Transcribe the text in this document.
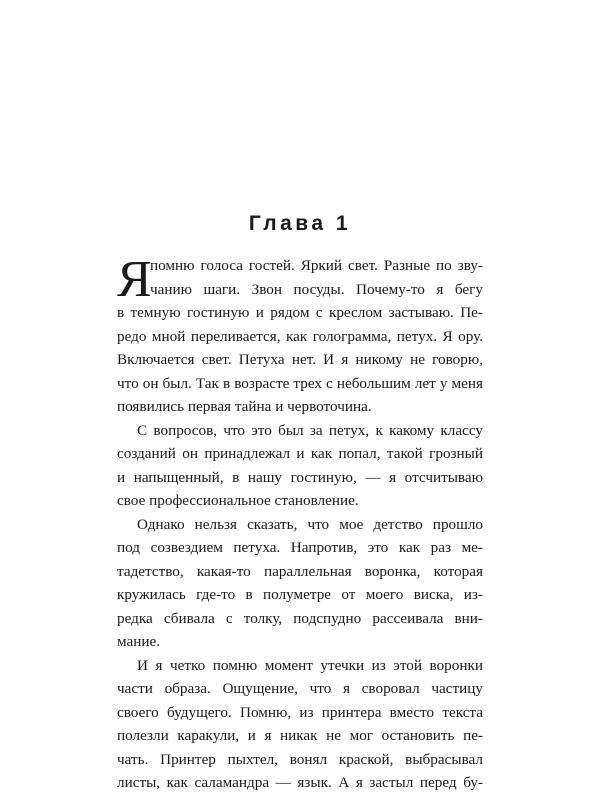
Глава 1
Я
помню голоса гостей. Яркий свет. Разные по зву-
чанию шаги. Звон посуды. Почему-то я бегу
в темную гостиную и рядом с креслом застываю. Пе-
редо мной переливается, как голограмма, петух. Я ору.
Включается свет. Петуха нет. И я никому не говорю,
что он был. Так в возрасте трех с небольшим лет у меня
появились первая тайна и червоточина.
С вопросов, что это был за петух, к какому классу
созданий он принадлежал и как попал, такой грозный
и напыщенный, в нашу гостиную, — я отсчитываю
свое профессиональное становление.
Однако нельзя сказать, что мое детство прошло
под созвездием петуха. Напротив, это как раз ме-
тадетство, какая-то параллельная воронка, которая
кружилась где-то в полуметре от моего виска, из-
редка сбивала с толку, подспудно рассеивала вни-
мание.
И я четко помню момент утечки из этой воронки
части образа. Ощущение, что я своровал частицу
своего будущего. Помню, из принтера вместо текста
полезли каракули, и я никак не мог остановить пе-
чать. Принтер пыхтел, вонял краской, выбрасывал
листы, как саламандра — язык. А я застыл перед бу-
